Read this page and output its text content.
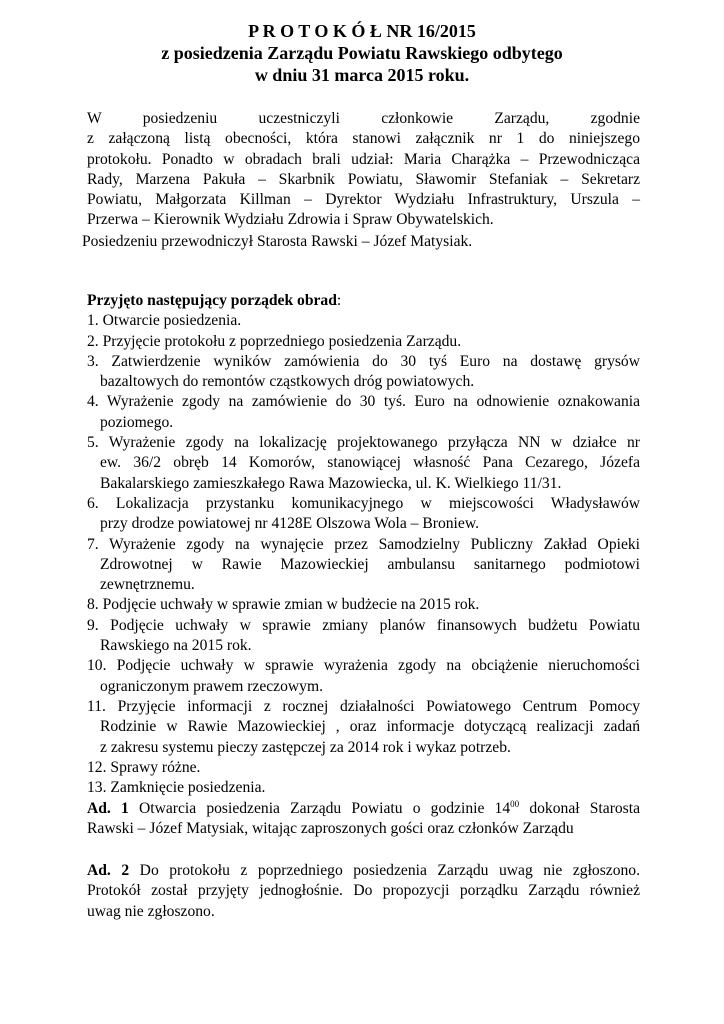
P R O T O K Ó Ł NR 16/2015
z posiedzenia Zarządu Powiatu Rawskiego odbytego
w dniu 31 marca 2015 roku.
W posiedzeniu uczestniczyli członkowie Zarządu, zgodnie
z załączoną listą obecności, która stanowi załącznik nr 1 do niniejszego
protokołu. Ponadto w obradach brali udział: Maria Charążka – Przewodnicząca
Rady, Marzena Pakuła – Skarbnik Powiatu, Sławomir Stefaniak – Sekretarz
Powiatu, Małgorzata Killman – Dyrektor Wydziału Infrastruktury, Urszula –
Przerwa – Kierownik Wydziału Zdrowia i Spraw Obywatelskich.
Posiedzeniu przewodniczył Starosta Rawski – Józef Matysiak.
Przyjęto następujący porządek obrad:
1. Otwarcie posiedzenia.
2. Przyjęcie protokołu z poprzedniego posiedzenia Zarządu.
3. Zatwierdzenie wyników zamówienia do 30 tyś Euro na dostawę grysów
bazaltowych do remontów cząstkowych dróg powiatowych.
4. Wyrażenie zgody na zamówienie do 30 tyś. Euro na odnowienie oznakowania
poziomego.
5. Wyrażenie zgody na lokalizację projektowanego przyłącza NN w działce nr
ew. 36/2 obręb 14 Komorów, stanowiącej własność Pana Cezarego, Józefa
Bakalarskiego zamieszkałego Rawa Mazowiecka, ul. K. Wielkiego 11/31.
6. Lokalizacja przystanku komunikacyjnego w miejscowości Władysławów
przy drodze powiatowej nr 4128E Olszowa Wola – Broniew.
7. Wyrażenie zgody na wynajęcie przez Samodzielny Publiczny Zakład Opieki
Zdrowotnej w Rawie Mazowieckiej ambulansu sanitarnego podmiotowi
zewnętrznemu.
8. Podjęcie uchwały w sprawie zmian w budżecie na 2015 rok.
9. Podjęcie uchwały w sprawie zmiany planów finansowych budżetu Powiatu
Rawskiego na 2015 rok.
10. Podjęcie uchwały w sprawie wyrażenia zgody na obciążenie nieruchomości
ograniczonym prawem rzeczowym.
11. Przyjęcie informacji z rocznej działalności Powiatowego Centrum Pomocy
Rodzinie w Rawie Mazowieckiej , oraz informacje dotyczącą realizacji zadań
z zakresu systemu pieczy zastępczej za 2014 rok i wykaz potrzeb.
12. Sprawy różne.
13. Zamknięcie posiedzenia.
Ad. 1 Otwarcia posiedzenia Zarządu Powiatu o godzinie $14^{00}$ dokonał Starosta
Rawski – Józef Matysiak, witając zaproszonych gości oraz członków Zarządu
Ad. 2 Do protokołu z poprzedniego posiedzenia Zarządu uwag nie zgłoszono.
Protokół został przyjęty jednogłośnie. Do propozycji porządku Zarządu również
uwag nie zgłoszono.
